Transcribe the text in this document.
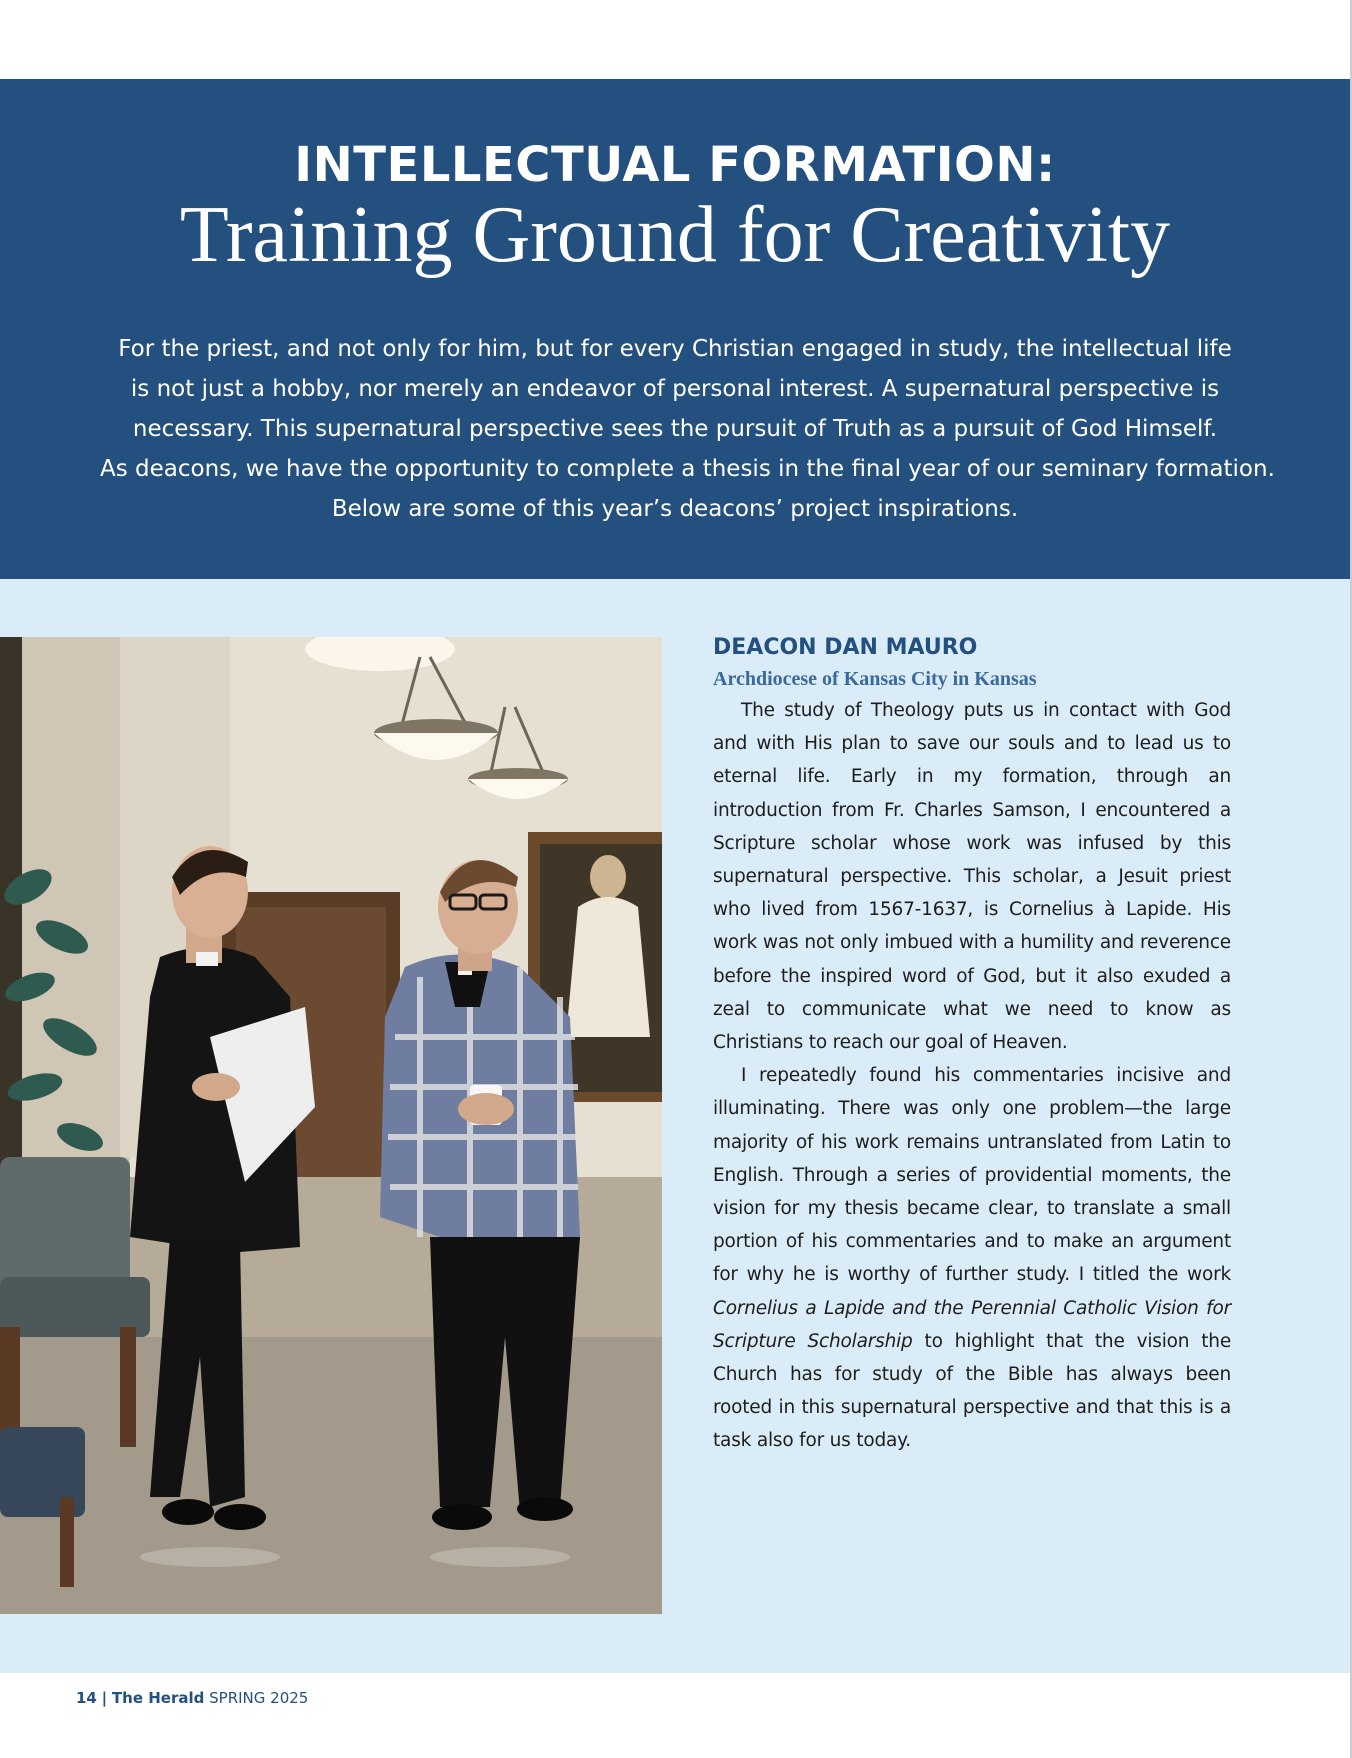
INTELLECTUAL FORMATION:
Training Ground for Creativity
For the priest, and not only for him, but for every Christian engaged in study, the intellectual life
is not just a hobby, nor merely an endeavor of personal interest. A supernatural perspective is
necessary. This supernatural perspective sees the pursuit of Truth as a pursuit of God Himself.
As deacons, we have the opportunity to complete a thesis in the final year of our seminary formation.
Below are some of this year’s deacons’ project inspirations.
DEACON DAN MAURO
Archdiocese of Kansas City in Kansas

The study of Theology puts us in contact with God and with His plan to save our souls and to lead us to eternal life. Early in my formation, through an introduction from Fr. Charles Samson, I encountered a Scripture scholar whose work was infused by this supernatural perspective. This scholar, a Jesuit priest who lived from 1567-1637, is Cornelius à Lapide. His work was not only imbued with a humility and reverence before the inspired word of God, but it also exuded a zeal to communicate what we need to know as Christians to reach our goal of Heaven.

I repeatedly found his commentaries incisive and illuminating. There was only one problem—the large majority of his work remains untranslated from Latin to English. Through a series of providential moments, the vision for my thesis became clear, to translate a small portion of his commentaries and to make an argument for why he is worthy of further study. I titled the work Cornelius a Lapide and the Perennial Catholic Vision for Scripture Scholarship to highlight that the vision the Church has for study of the Bible has always been rooted in this supernatural perspective and that this is a task also for us today.

14 | The Herald SPRING 2025
